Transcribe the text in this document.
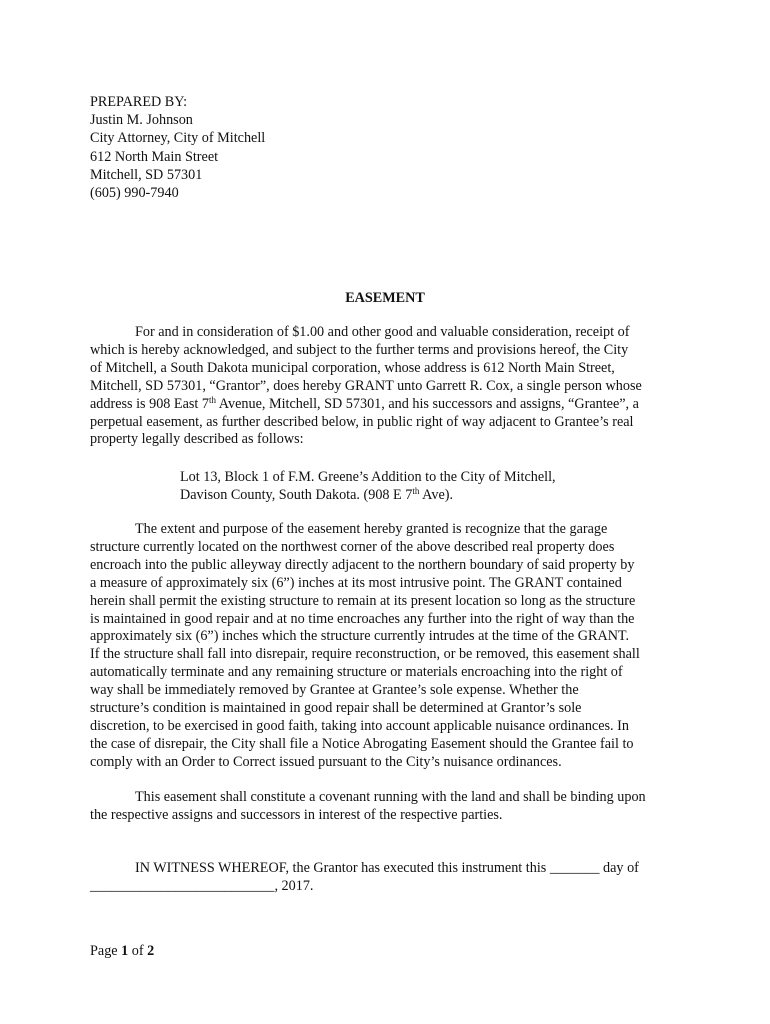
PREPARED BY:
Justin M. Johnson
City Attorney, City of Mitchell
612 North Main Street
Mitchell, SD 57301
(605) 990-7940
EASEMENT
For and in consideration of $1.00 and other good and valuable consideration, receipt of
which is hereby acknowledged, and subject to the further terms and provisions hereof, the City
of Mitchell, a South Dakota municipal corporation, whose address is 612 North Main Street,
Mitchell, SD 57301, “Grantor”, does hereby GRANT unto Garrett R. Cox, a single person whose
address is 908 East 7th Avenue, Mitchell, SD 57301, and his successors and assigns, “Grantee”, a
perpetual easement, as further described below, in public right of way adjacent to Grantee’s real
property legally described as follows:
Lot 13, Block 1 of F.M. Greene’s Addition to the City of Mitchell,
Davison County, South Dakota. (908 E 7th Ave).
The extent and purpose of the easement hereby granted is recognize that the garage
structure currently located on the northwest corner of the above described real property does
encroach into the public alleyway directly adjacent to the northern boundary of said property by
a measure of approximately six (6”) inches at its most intrusive point. The GRANT contained
herein shall permit the existing structure to remain at its present location so long as the structure
is maintained in good repair and at no time encroaches any further into the right of way than the
approximately six (6”) inches which the structure currently intrudes at the time of the GRANT.
If the structure shall fall into disrepair, require reconstruction, or be removed, this easement shall
automatically terminate and any remaining structure or materials encroaching into the right of
way shall be immediately removed by Grantee at Grantee’s sole expense. Whether the
structure’s condition is maintained in good repair shall be determined at Grantor’s sole
discretion, to be exercised in good faith, taking into account applicable nuisance ordinances. In
the case of disrepair, the City shall file a Notice Abrogating Easement should the Grantee fail to
comply with an Order to Correct issued pursuant to the City’s nuisance ordinances.
This easement shall constitute a covenant running with the land and shall be binding upon
the respective assigns and successors in interest of the respective parties.
IN WITNESS WHEREOF, the Grantor has executed this instrument this _______ day of
__________________________, 2017.
Page 1 of 2
